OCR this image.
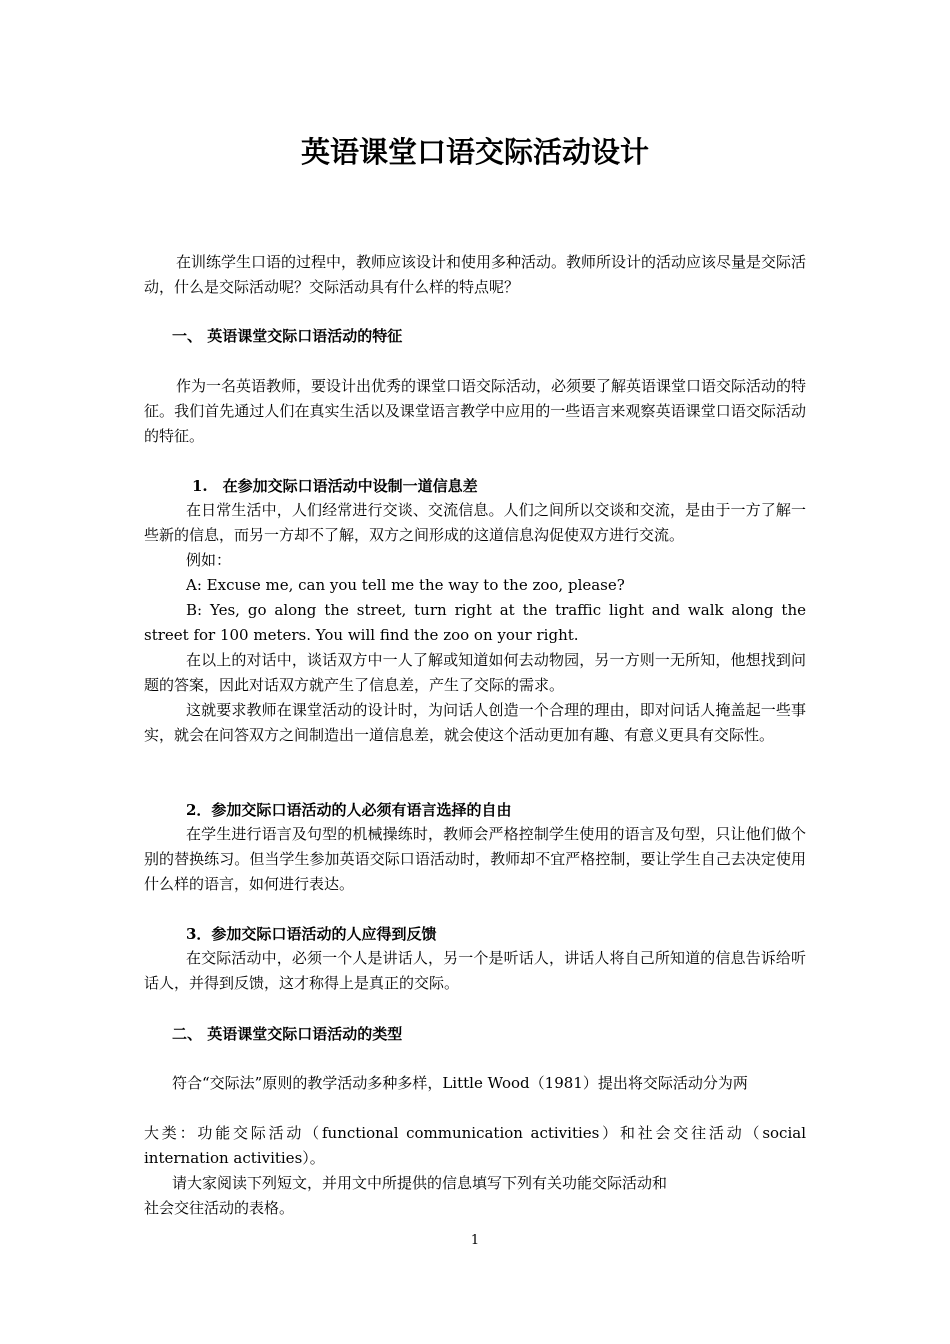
英语课堂口语交际活动设计

在训练学生口语的过程中，教师应该设计和使用多种活动。教师所设计的活动应该尽量是交际活动，什么是交际活动呢？交际活动具有什么样的特点呢？

一、 英语课堂交际口语活动的特征

作为一名英语教师，要设计出优秀的课堂口语交际活动，必须要了解英语课堂口语交际活动的特征。我们首先通过人们在真实生活以及课堂语言教学中应用的一些语言来观察英语课堂口语交际活动的特征。

1.　在参加交际口语活动中设制一道信息差

在日常生活中，人们经常进行交谈、交流信息。人们之间所以交谈和交流，是由于一方了解一些新的信息，而另一方却不了解，双方之间形成的这道信息沟促使双方进行交流。

例如：

A: Excuse me, can you tell me the way to the zoo, please?

B: Yes, go along the street, turn right at the traffic light and walk along the street for 100 meters. You will find the zoo on your right.

在以上的对话中，谈话双方中一人了解或知道如何去动物园，另一方则一无所知，他想找到问题的答案，因此对话双方就产生了信息差，产生了交际的需求。

这就要求教师在课堂活动的设计时，为问话人创造一个合理的理由，即对问话人掩盖起一些事实，就会在问答双方之间制造出一道信息差，就会使这个活动更加有趣、有意义更具有交际性。

2．参加交际口语活动的人必须有语言选择的自由

在学生进行语言及句型的机械操练时，教师会严格控制学生使用的语言及句型，只让他们做个别的替换练习。但当学生参加英语交际口语活动时，教师却不宜严格控制，要让学生自己去决定使用什么样的语言，如何进行表达。

3．参加交际口语活动的人应得到反馈

在交际活动中，必须一个人是讲话人，另一个是听话人，讲话人将自己所知道的信息告诉给听话人，并得到反馈，这才称得上是真正的交际。

二、 英语课堂交际口语活动的类型

符合“交际法”原则的教学活动多种多样，Little Wood（1981）提出将交际活动分为两

大类：功能交际活动（functional communication activities）和社会交往活动（social internation activities）。

请大家阅读下列短文，并用文中所提供的信息填写下列有关功能交际活动和

社会交往活动的表格。

1
